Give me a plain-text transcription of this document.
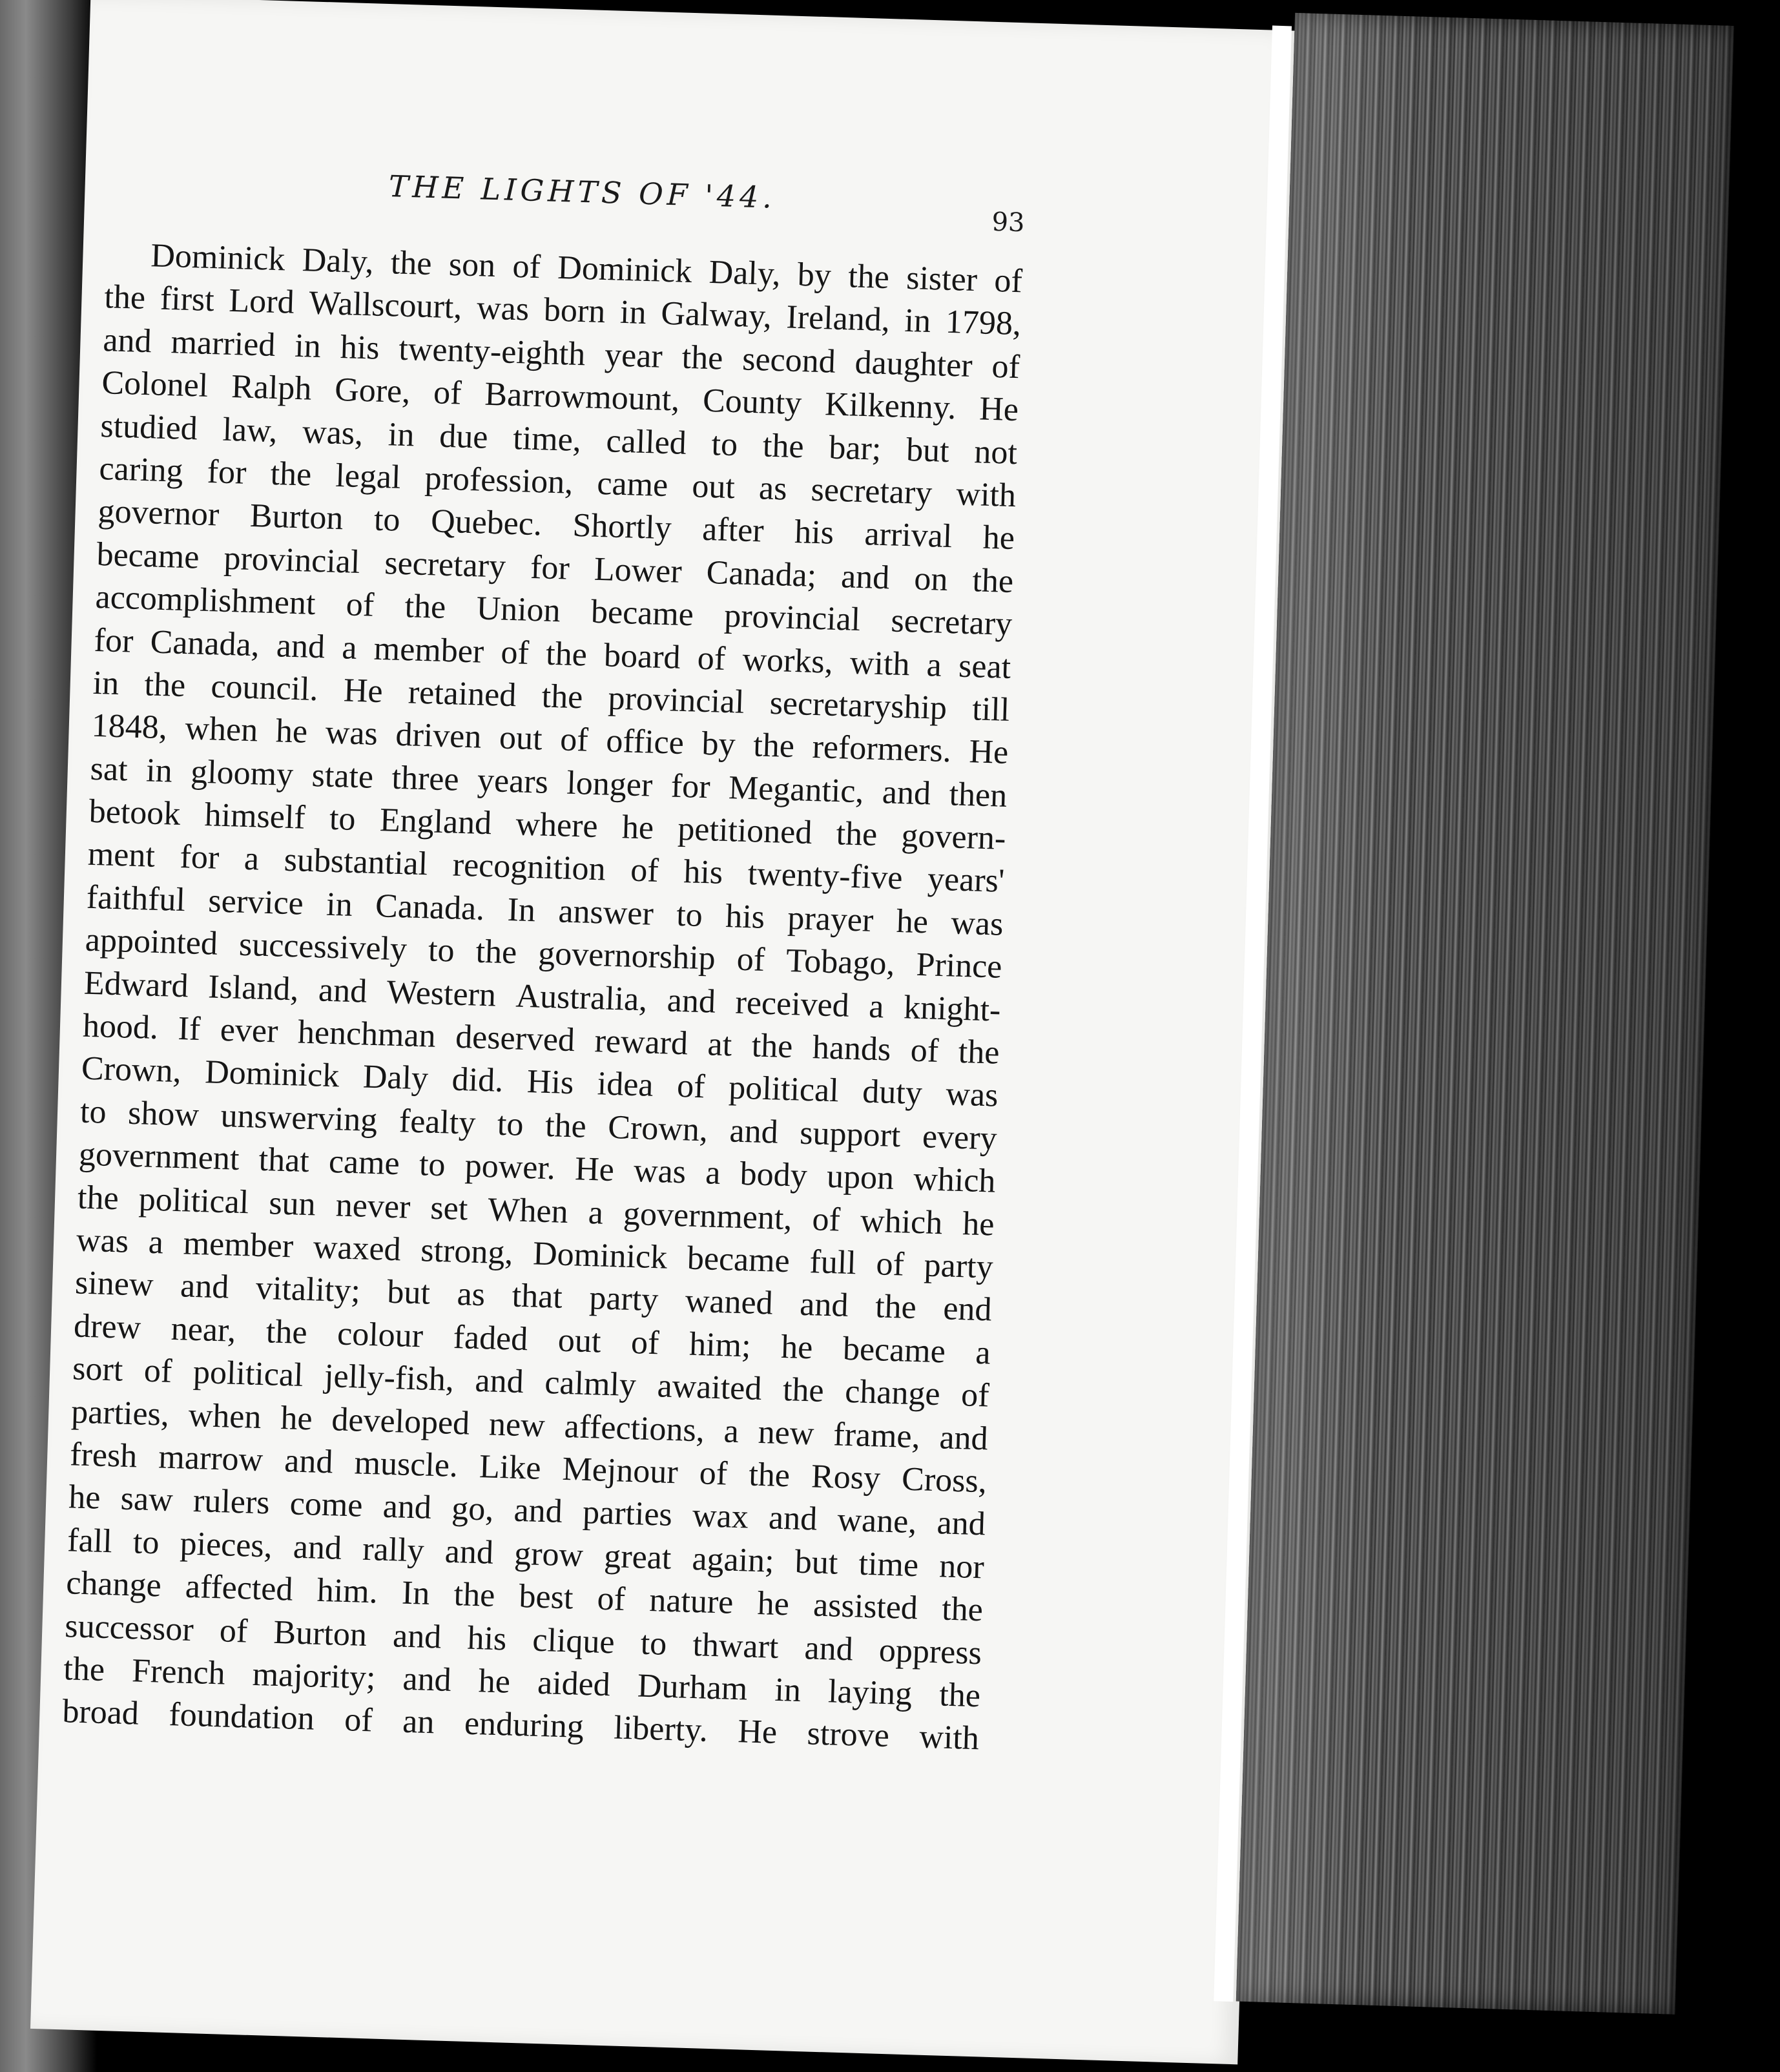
THE LIGHTS OF '44.
93
Dominick Daly, the son of Dominick Daly, by the sister of
the first Lord Wallscourt, was born in Galway, Ireland, in 1798,
and married in his twenty-eighth year the second daughter of
Colonel Ralph Gore, of Barrowmount, County Kilkenny. He
studied law, was, in due time, called to the bar; but not
caring for the legal profession, came out as secretary with
governor Burton to Quebec. Shortly after his arrival he
became provincial secretary for Lower Canada; and on the
accomplishment of the Union became provincial secretary
for Canada, and a member of the board of works, with a seat
in the council. He retained the provincial secretaryship till
1848, when he was driven out of office by the reformers. He
sat in gloomy state three years longer for Megantic, and then
betook himself to England where he petitioned the govern-
ment for a substantial recognition of his twenty-five years'
faithful service in Canada. In answer to his prayer he was
appointed successively to the governorship of Tobago, Prince
Edward Island, and Western Australia, and received a knight-
hood. If ever henchman deserved reward at the hands of the
Crown, Dominick Daly did. His idea of political duty was
to show unswerving fealty to the Crown, and support every
government that came to power. He was a body upon which
the political sun never set When a government, of which he
was a member waxed strong, Dominick became full of party
sinew and vitality; but as that party waned and the end
drew near, the colour faded out of him; he became a
sort of political jelly-fish, and calmly awaited the change of
parties, when he developed new affections, a new frame, and
fresh marrow and muscle. Like Mejnour of the Rosy Cross,
he saw rulers come and go, and parties wax and wane, and
fall to pieces, and rally and grow great again; but time nor
change affected him. In the best of nature he assisted the
successor of Burton and his clique to thwart and oppress
the French majority; and he aided Durham in laying the
broad foundation of an enduring liberty. He strove with
